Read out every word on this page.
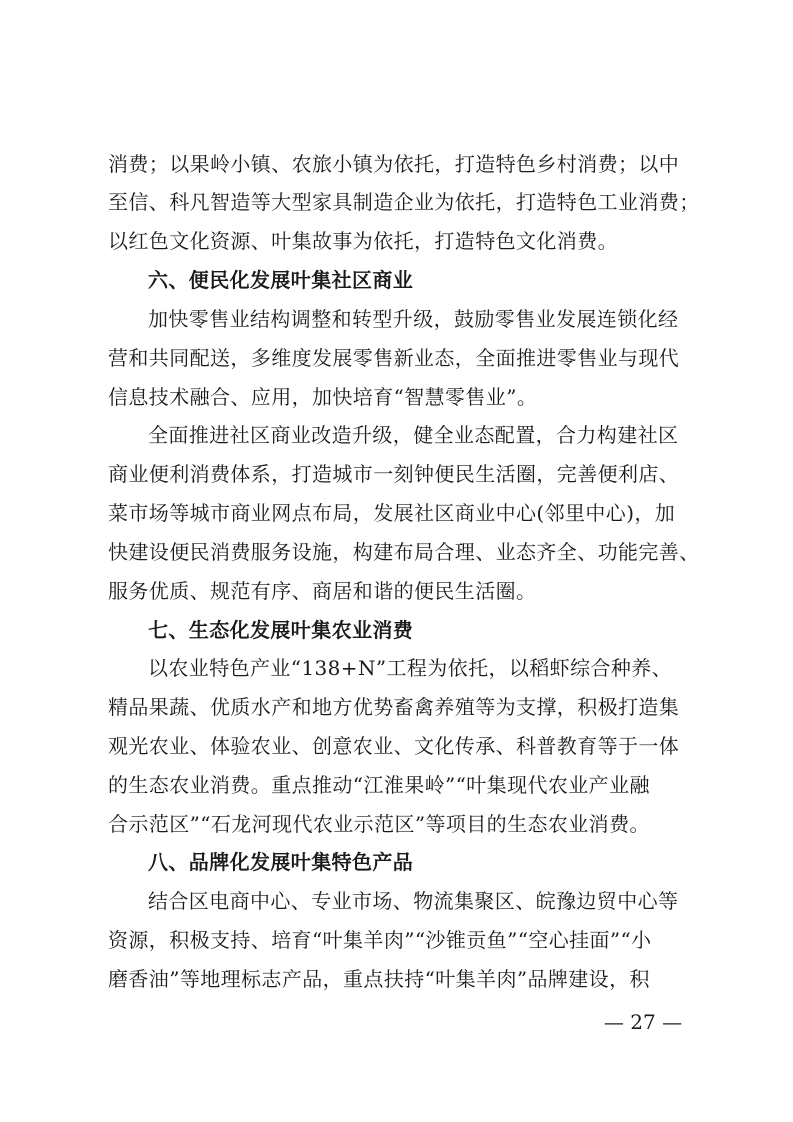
消费；以果岭小镇、农旅小镇为依托，打造特色乡村消费；以中
至信、科凡智造等大型家具制造企业为依托，打造特色工业消费；
以红色文化资源、叶集故事为依托，打造特色文化消费。
六、便民化发展叶集社区商业
加快零售业结构调整和转型升级，鼓励零售业发展连锁化经
营和共同配送，多维度发展零售新业态，全面推进零售业与现代
信息技术融合、应用，加快培育“智慧零售业”。
全面推进社区商业改造升级，健全业态配置，合力构建社区
商业便利消费体系，打造城市一刻钟便民生活圈，完善便利店、
菜市场等城市商业网点布局，发展社区商业中心(邻里中心)，加
快建设便民消费服务设施，构建布局合理、业态齐全、功能完善、
服务优质、规范有序、商居和谐的便民生活圈。
七、生态化发展叶集农业消费
以农业特色产业“138+N”工程为依托，以稻虾综合种养、
精品果蔬、优质水产和地方优势畜禽养殖等为支撑，积极打造集
观光农业、体验农业、创意农业、文化传承、科普教育等于一体
的生态农业消费。重点推动“江淮果岭”“叶集现代农业产业融
合示范区”“石龙河现代农业示范区”等项目的生态农业消费。
八、品牌化发展叶集特色产品
结合区电商中心、专业市场、物流集聚区、皖豫边贸中心等
资源，积极支持、培育“叶集羊肉”“沙锥贡鱼”“空心挂面”“小
磨香油”等地理标志产品，重点扶持“叶集羊肉”品牌建设，积
— 27 —
